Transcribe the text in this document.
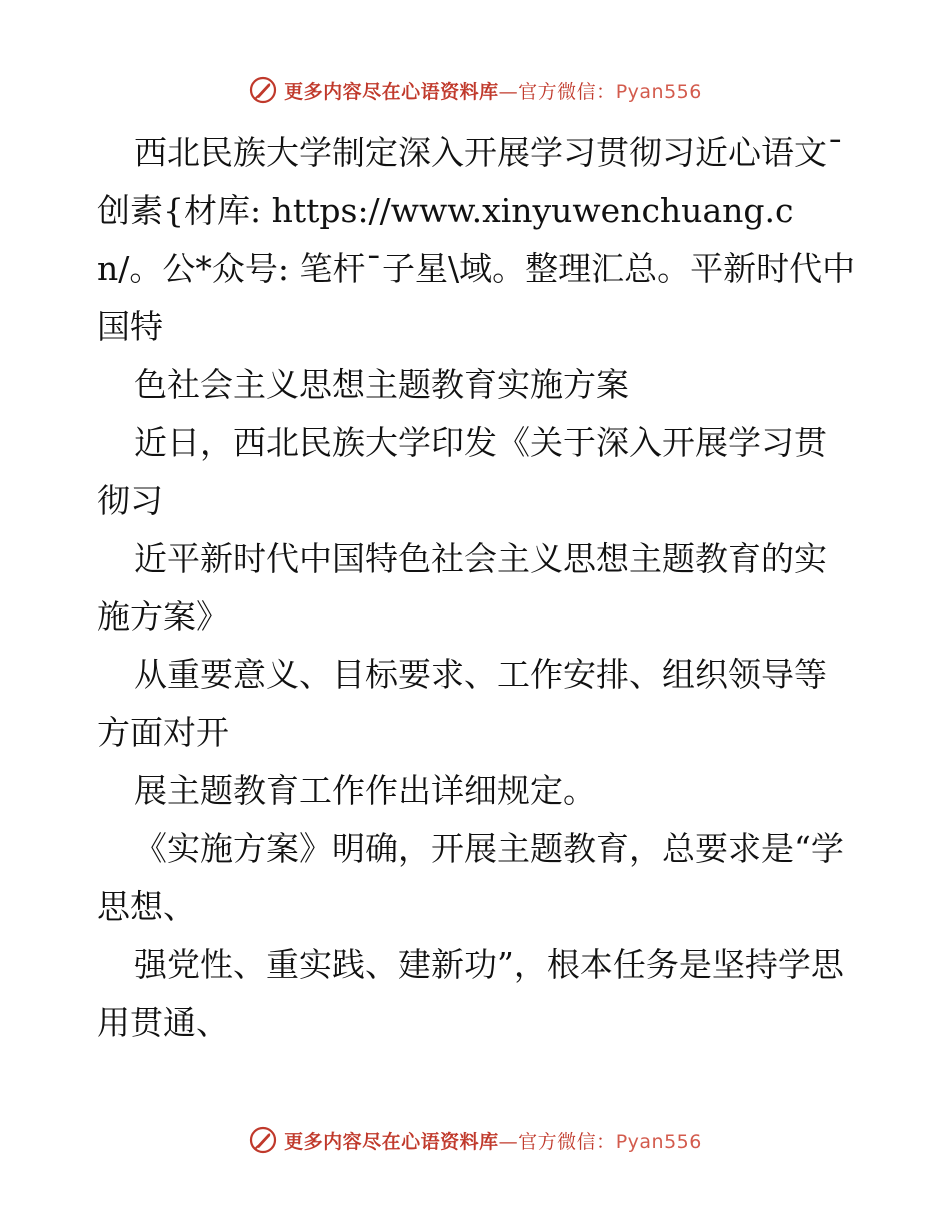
更多内容尽在心语资料库—官方微信：Pyan556

西北民族大学制定深入开展学习贯彻习近心语文¯创素{材库: https://www.xinyuwenchuang.cn/。公*众号: 笔杆¯子星\域。整理汇总。平新时代中国特

色社会主义思想主题教育实施方案

近日，西北民族大学印发《关于深入开展学习贯彻习

近平新时代中国特色社会主义思想主题教育的实施方案》

从重要意义、目标要求、工作安排、组织领导等方面对开

展主题教育工作作出详细规定。

《实施方案》明确，开展主题教育，总要求是“学思想、

强党性、重实践、建新功”，根本任务是坚持学思用贯通、

更多内容尽在心语资料库—官方微信：Pyan556
